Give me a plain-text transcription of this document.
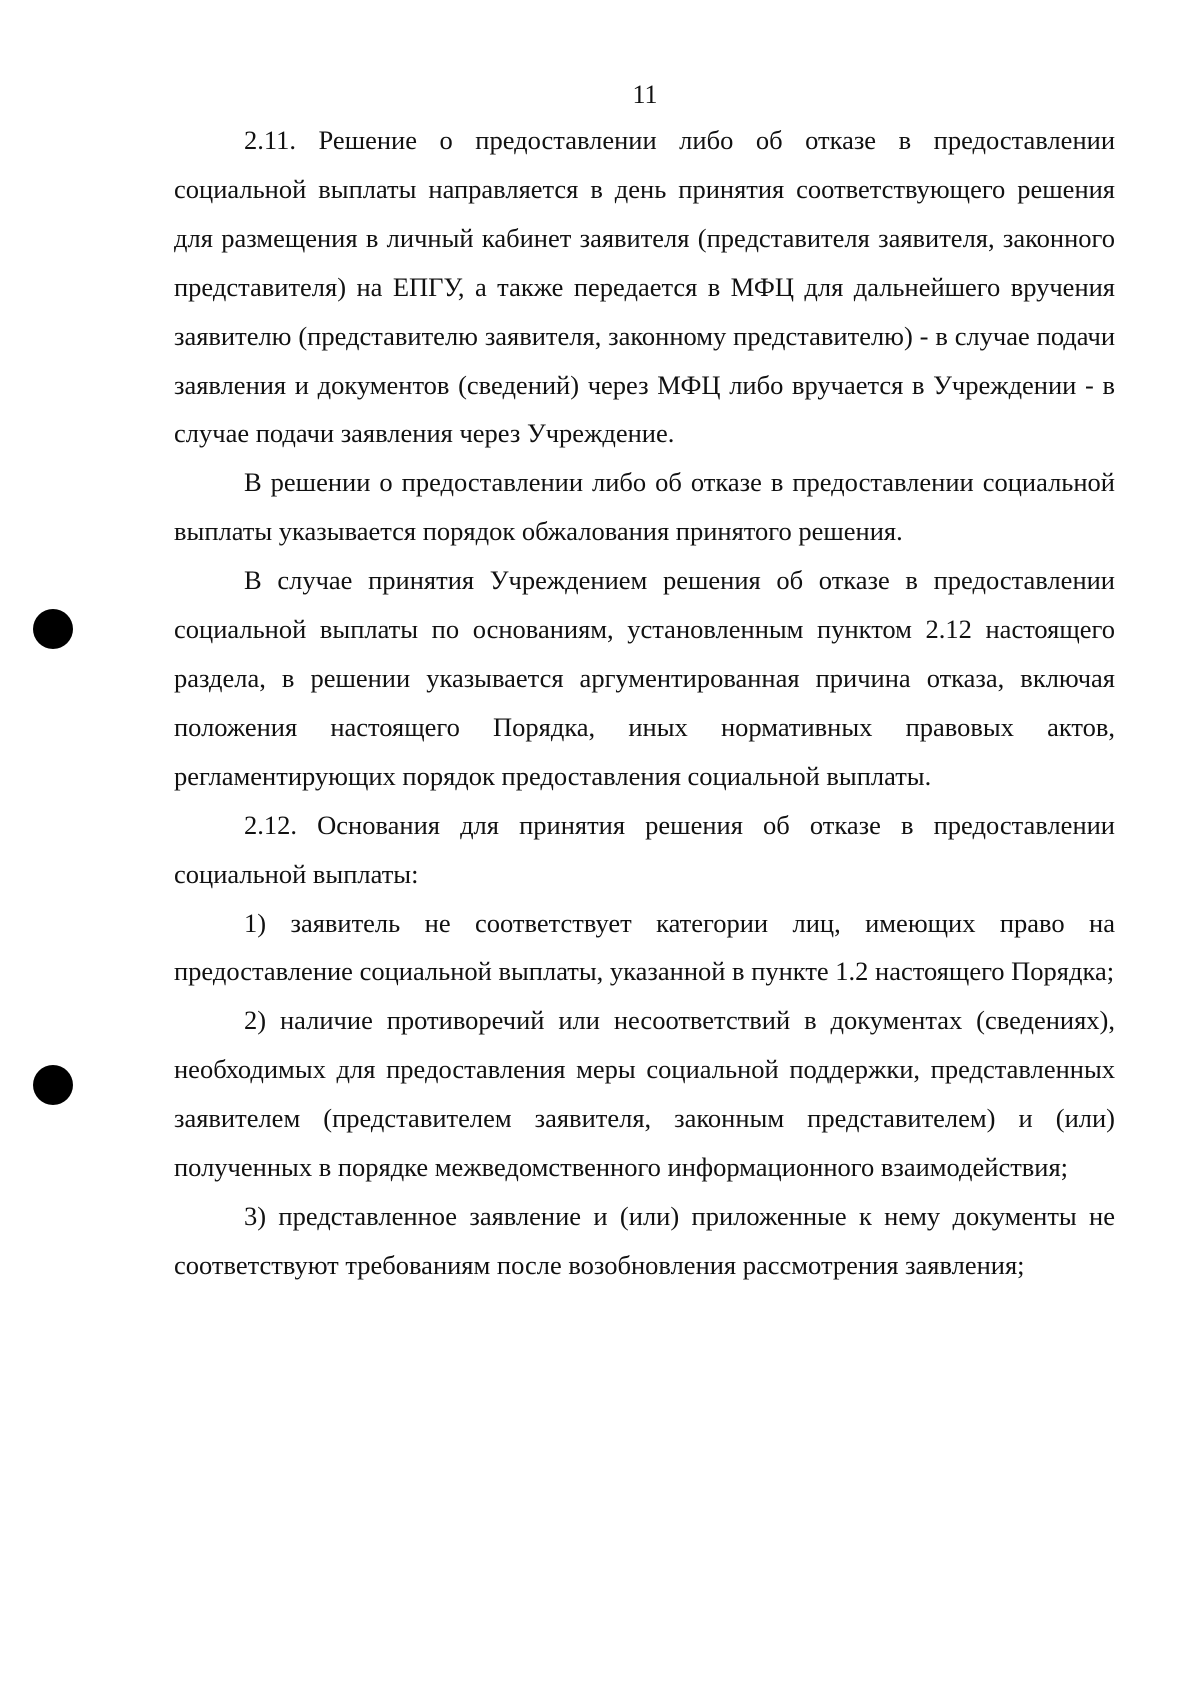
11

2.11. Решение о предоставлении либо об отказе в предоставлении социальной выплаты направляется в день принятия соответствующего решения для размещения в личный кабинет заявителя (представителя заявителя, законного представителя) на ЕПГУ, а также передается в МФЦ для дальнейшего вручения заявителю (представителю заявителя, законному представителю) - в случае подачи заявления и документов (сведений) через МФЦ либо вручается в Учреждении - в случае подачи заявления через Учреждение.

В решении о предоставлении либо об отказе в предоставлении социальной выплаты указывается порядок обжалования принятого решения.

В случае принятия Учреждением решения об отказе в предоставлении социальной выплаты по основаниям, установленным пунктом 2.12 настоящего раздела, в решении указывается аргументированная причина отказа, включая положения настоящего Порядка, иных нормативных правовых актов, регламентирующих порядок предоставления социальной выплаты.

2.12. Основания для принятия решения об отказе в предоставлении социальной выплаты:

1) заявитель не соответствует категории лиц, имеющих право на предоставление социальной выплаты, указанной в пункте 1.2 настоящего Порядка;

2) наличие противоречий или несоответствий в документах (сведениях), необходимых для предоставления меры социальной поддержки, представленных заявителем (представителем заявителя, законным представителем) и (или) полученных в порядке межведомственного информационного взаимодействия;

3) представленное заявление и (или) приложенные к нему документы не соответствуют требованиям после возобновления рассмотрения заявления;
